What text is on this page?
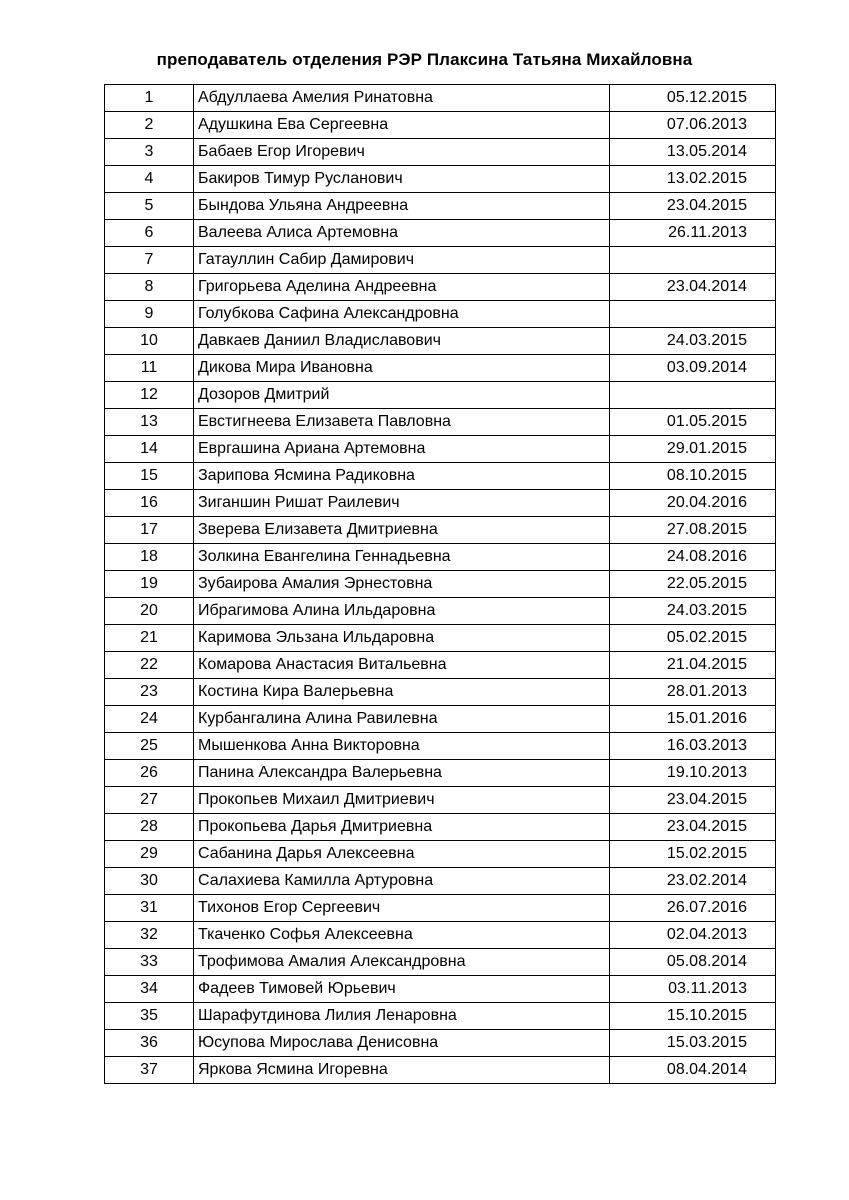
преподаватель отделения РЭР Плаксина Татьяна Михайловна
1	Абдуллаева Амелия Ринатовна	05.12.2015
2	Адушкина Ева Сергеевна	07.06.2013
3	Бабаев Егор Игоревич	13.05.2014
4	Бакиров Тимур Русланович	13.02.2015
5	Бындова Ульяна Андреевна	23.04.2015
6	Валеева Алиса Артемовна	26.11.2013
7	Гатауллин Сабир Дамирович	
8	Григорьева Аделина Андреевна	23.04.2014
9	Голубкова Сафина Александровна	
10	Давкаев Даниил Владиславович	24.03.2015
11	Дикова Мира Ивановна	03.09.2014
12	Дозоров Дмитрий	
13	Евстигнеева Елизавета Павловна	01.05.2015
14	Евргашина Ариана Артемовна	29.01.2015
15	Зарипова Ясмина Радиковна	08.10.2015
16	Зиганшин Ришат Раилевич	20.04.2016
17	Зверева Елизавета Дмитриевна	27.08.2015
18	Золкина Евангелина Геннадьевна	24.08.2016
19	Зубаирова Амалия Эрнестовна	22.05.2015
20	Ибрагимова Алина Ильдаровна	24.03.2015
21	Каримова Эльзана Ильдаровна	05.02.2015
22	Комарова Анастасия Витальевна	21.04.2015
23	Костина Кира Валерьевна	28.01.2013
24	Курбангалина Алина Равилевна	15.01.2016
25	Мышенкова Анна Викторовна	16.03.2013
26	Панина Александра Валерьевна	19.10.2013
27	Прокопьев Михаил Дмитриевич	23.04.2015
28	Прокопьева Дарья Дмитриевна	23.04.2015
29	Сабанина Дарья Алексеевна	15.02.2015
30	Салахиева Камилла Артуровна	23.02.2014
31	Тихонов Егор Сергеевич	26.07.2016
32	Ткаченко Софья Алексеевна	02.04.2013
33	Трофимова Амалия Александровна	05.08.2014
34	Фадеев Тимовей Юрьевич	03.11.2013
35	Шарафутдинова Лилия Ленаровна	15.10.2015
36	Юсупова Мирослава Денисовна	15.03.2015
37	Яркова Ясмина Игоревна	08.04.2014
